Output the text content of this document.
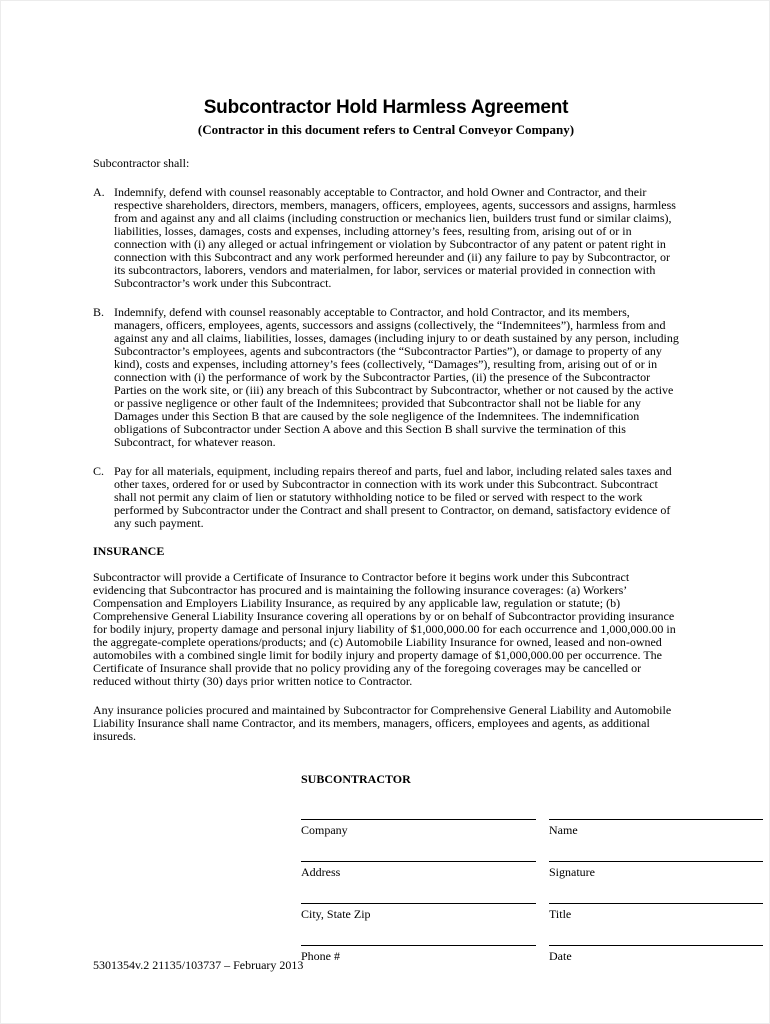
Subcontractor Hold Harmless Agreement
(Contractor in this document refers to Central Conveyor Company)

Subcontractor shall:

A. Indemnify, defend with counsel reasonably acceptable to Contractor, and hold Owner and Contractor, and their respective shareholders, directors, members, managers, officers, employees, agents, successors and assigns, harmless from and against any and all claims (including construction or mechanics lien, builders trust fund or similar claims), liabilities, losses, damages, costs and expenses, including attorney’s fees, resulting from, arising out of or in connection with (i) any alleged or actual infringement or violation by Subcontractor of any patent or patent right in connection with this Subcontract and any work performed hereunder and (ii) any failure to pay by Subcontractor, or its subcontractors, laborers, vendors and materialmen, for labor, services or material provided in connection with Subcontractor’s work under this Subcontract.
B. Indemnify, defend with counsel reasonably acceptable to Contractor, and hold Contractor, and its members, managers, officers, employees, agents, successors and assigns (collectively, the “Indemnitees”), harmless from and against any and all claims, liabilities, losses, damages (including injury to or death sustained by any person, including Subcontractor’s employees, agents and subcontractors (the “Subcontractor Parties”), or damage to property of any kind), costs and expenses, including attorney’s fees (collectively, “Damages”), resulting from, arising out of or in connection with (i) the performance of work by the Subcontractor Parties, (ii) the presence of the Subcontractor Parties on the work site, or (iii) any breach of this Subcontract by Subcontractor, whether or not caused by the active or passive negligence or other fault of the Indemnitees; provided that Subcontractor shall not be liable for any Damages under this Section B that are caused by the sole negligence of the Indemnitees. The indemnification obligations of Subcontractor under Section A above and this Section B shall survive the termination of this Subcontract, for whatever reason.
C. Pay for all materials, equipment, including repairs thereof and parts, fuel and labor, including related sales taxes and other taxes, ordered for or used by Subcontractor in connection with its work under this Subcontract. Subcontract shall not permit any claim of lien or statutory withholding notice to be filed or served with respect to the work performed by Subcontractor under the Contract and shall present to Contractor, on demand, satisfactory evidence of any such payment.
INSURANCE

Subcontractor will provide a Certificate of Insurance to Contractor before it begins work under this Subcontract evidencing that Subcontractor has procured and is maintaining the following insurance coverages: (a) Workers’ Compensation and Employers Liability Insurance, as required by any applicable law, regulation or statute; (b) Comprehensive General Liability Insurance covering all operations by or on behalf of Subcontractor providing insurance for bodily injury, property damage and personal injury liability of $1,000,000.00 for each occurrence and 1,000,000.00 in the aggregate-complete operations/products; and (c) Automobile Liability Insurance for owned, leased and non-owned automobiles with a combined single limit for bodily injury and property damage of $1,000,000.00 per occurrence. The Certificate of Insurance shall provide that no policy providing any of the foregoing coverages may be cancelled or reduced without thirty (30) days prior written notice to Contractor.

Any insurance policies procured and maintained by Subcontractor for Comprehensive General Liability and Automobile Liability Insurance shall name Contractor, and its members, managers, officers, employees and agents, as additional insureds.

SUBCONTRACTOR
Company	Name
Address	Signature
City, State Zip	Title
Phone #	Date
5301354v.2 21135/103737 – February 2013
